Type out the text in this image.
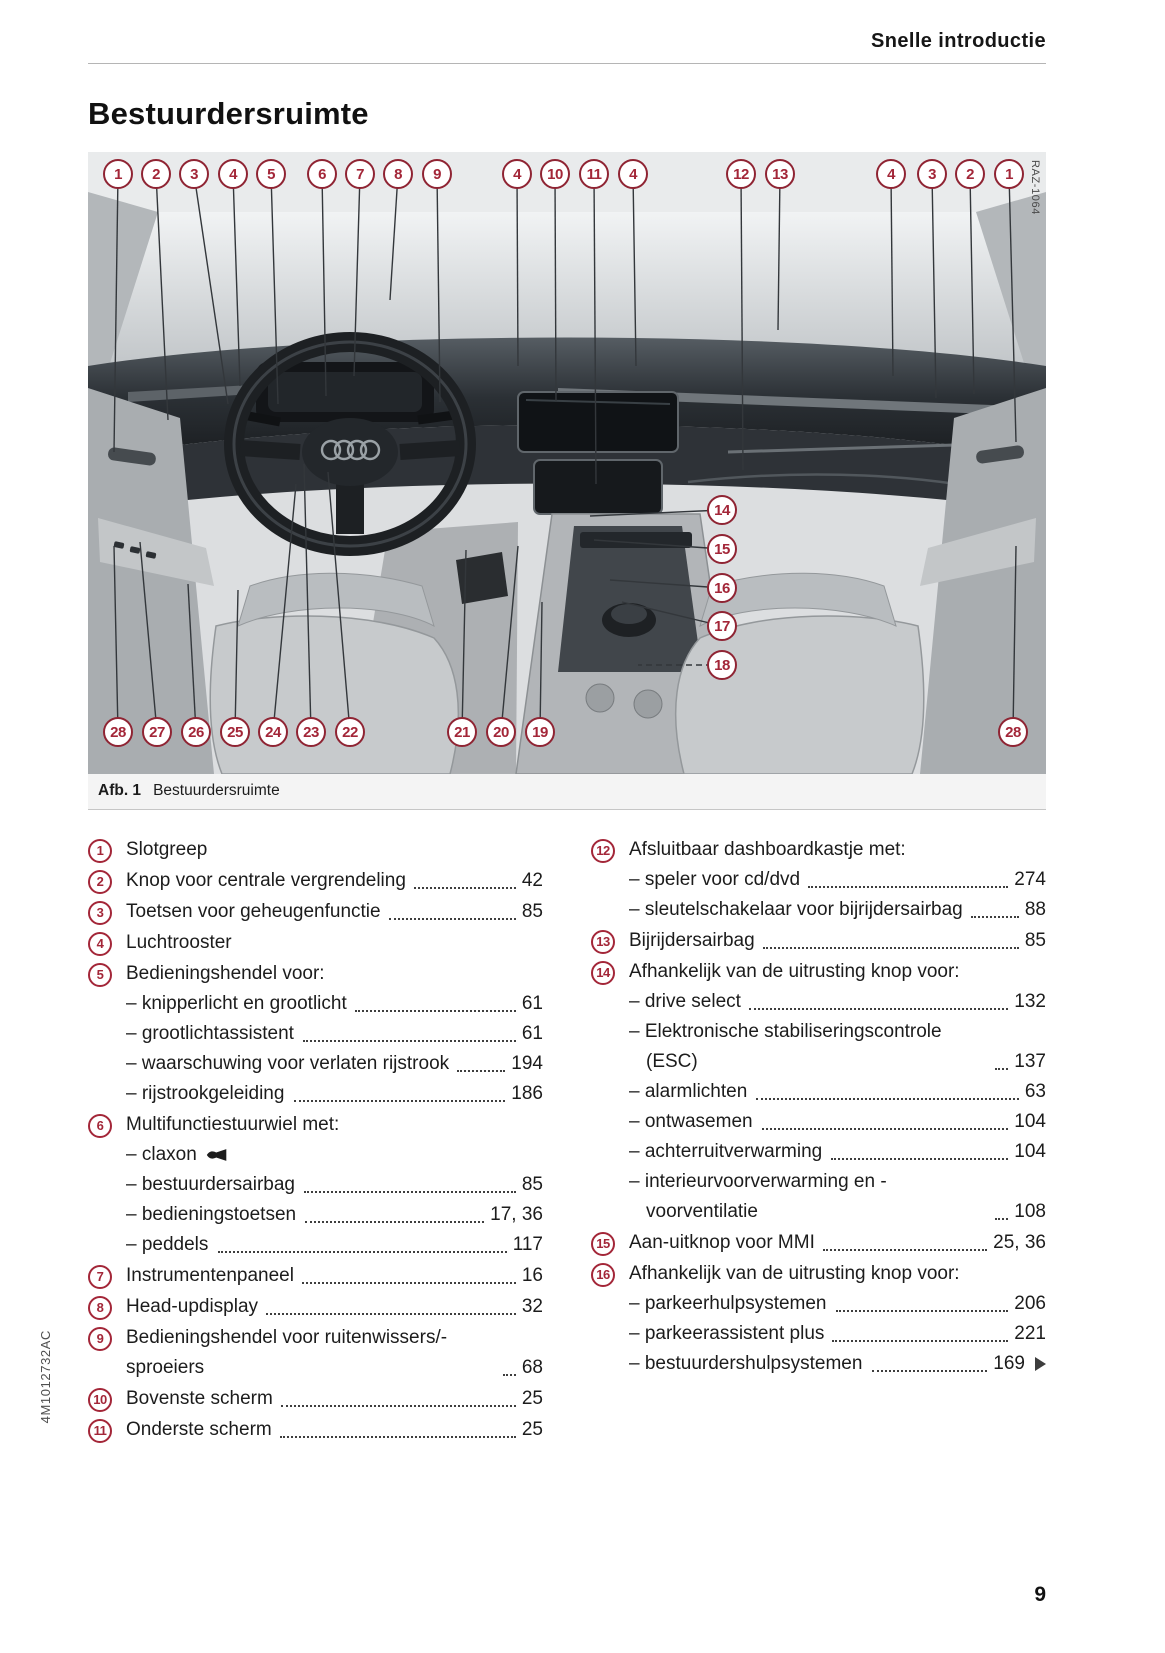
4M1012732AC
Snelle introductie
Bestuurdersruimte
RAZ-1064
1	2	3	4	5	6	7	8	9	4	10	11	4	12	13	4	3	2	1
14
15
16
17
18
28	27	26	25	24	23	22	21	20	19	28
Afb. 1 Bestuurdersruimte
1	Slotgreep
2	Knop voor centrale vergrendeling	42
3	Toetsen voor geheugenfunctie	85
4	Luchtrooster
5	Bedieningshendel voor:
– knipperlicht en grootlicht	61
– grootlichtassistent	61
– waarschuwing voor verlaten rijstrook	194
– rijstrookgeleiding	186
6	Multifunctiestuurwiel met:
– claxon
– bestuurdersairbag	85
– bedieningstoetsen	17, 36
– peddels	117
7	Instrumentenpaneel	16
8	Head-updisplay	32
9	Bedieningshendel voor ruitenwissers/-sproeiers	68
10 Bovenste scherm	25
11 Onderste scherm	25
12 Afsluitbaar dashboardkastje met:
– speler voor cd/dvd	274
– sleutelschakelaar voor bijrijdersairbag	88
13 Bijrijdersairbag	85
14 Afhankelijk van de uitrusting knop voor:
– drive select	132
– Elektronische stabiliseringscontrole (ESC)	137
– alarmlichten	63
– ontwasemen	104
– achterruitverwarming	104
– interieurvoorverwarming en -voorventilatie	108
15 Aan-uitknop voor MMI	25, 36
16 Afhankelijk van de uitrusting knop voor:
– parkeerhulpsystemen	206
– parkeerassistent plus	221
– bestuurdershulpsystemen	169
9
